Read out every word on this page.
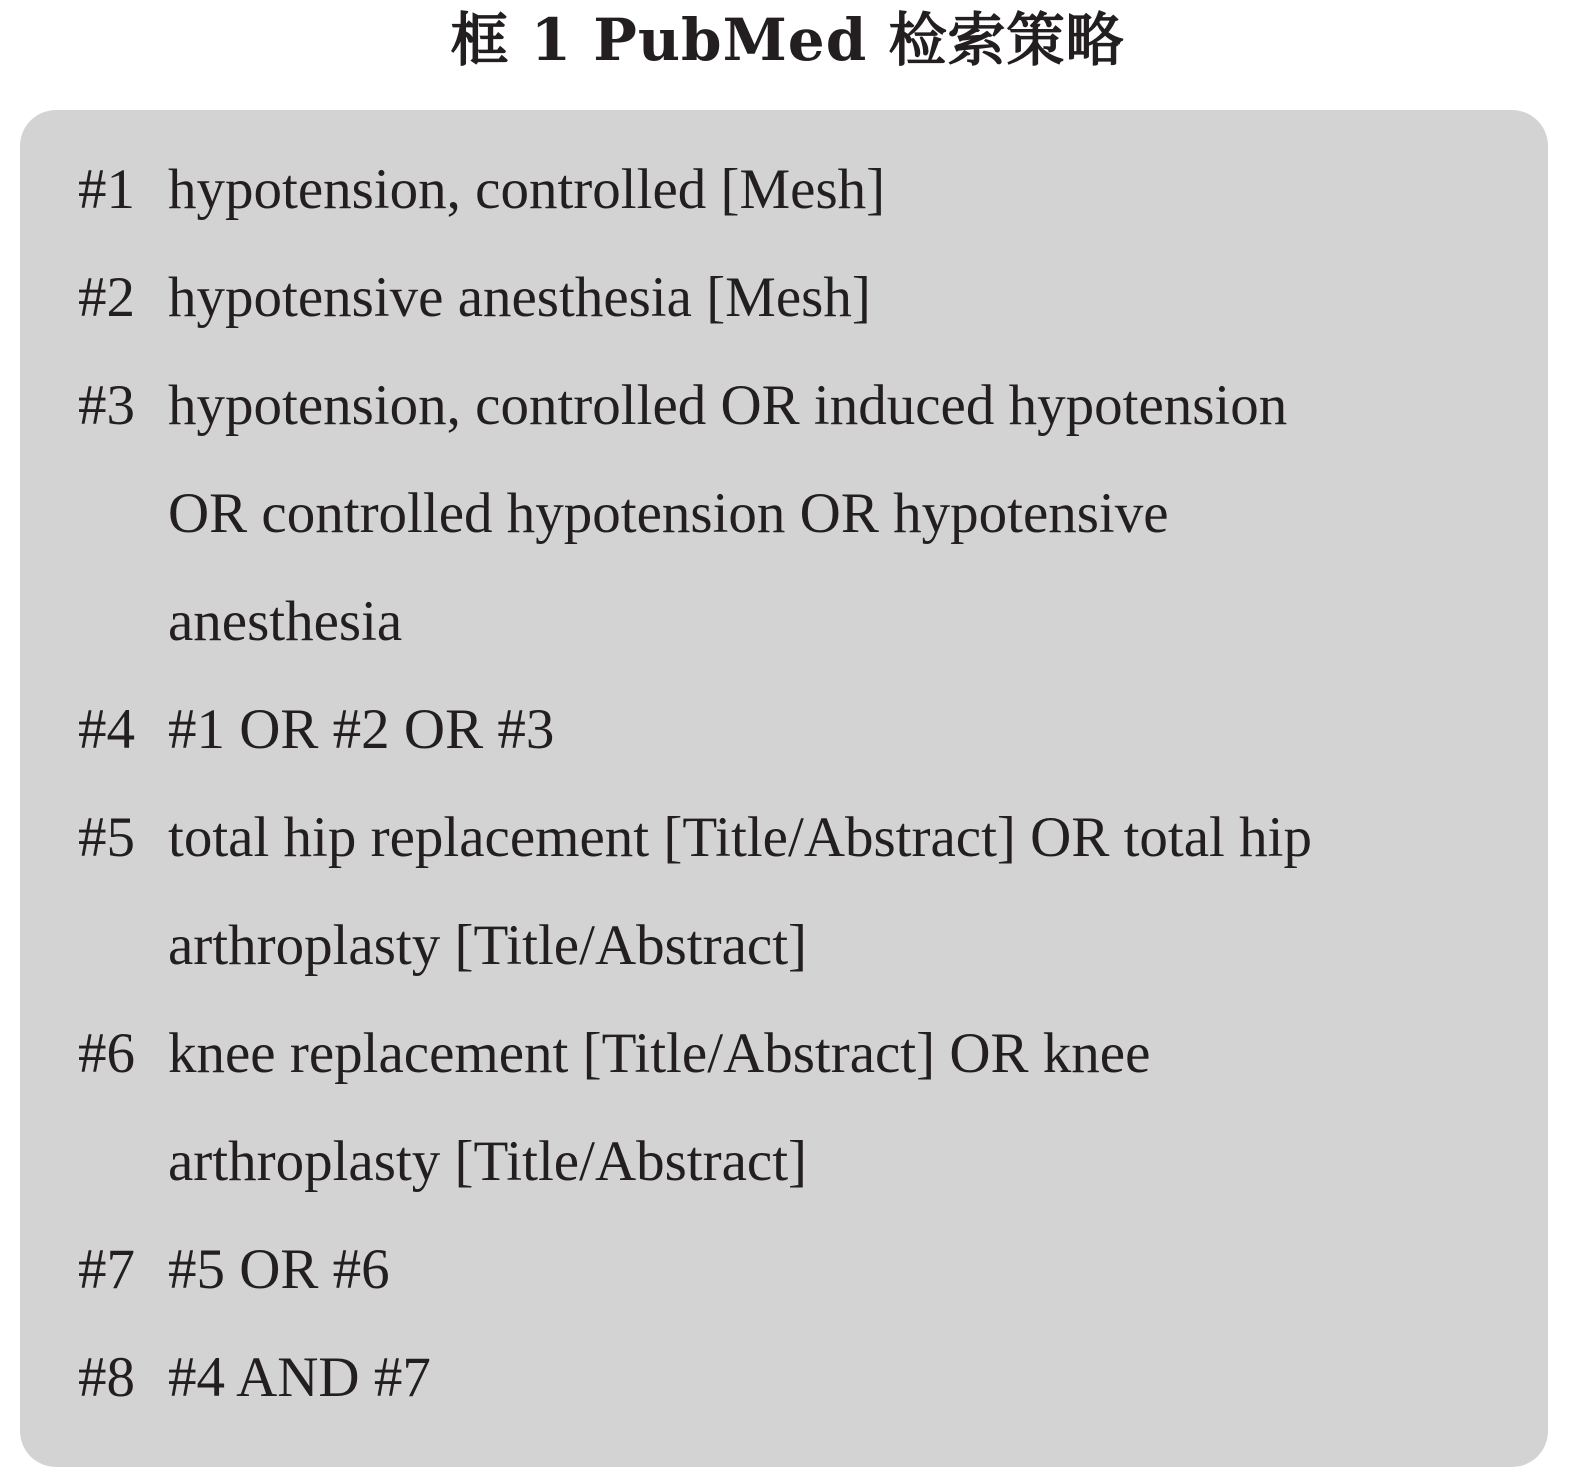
框 1 PubMed 检索策略
#1 hypotension, controlled [Mesh]
#2 hypotensive anesthesia [Mesh]
#3 hypotension, controlled OR induced hypotension
OR controlled hypotension OR hypotensive
anesthesia
#4 #1 OR #2 OR #3
#5 total hip replacement [Title/Abstract] OR total hip
arthroplasty [Title/Abstract]
#6 knee replacement [Title/Abstract] OR knee
arthroplasty [Title/Abstract]
#7 #5 OR #6
#8 #4 AND #7
